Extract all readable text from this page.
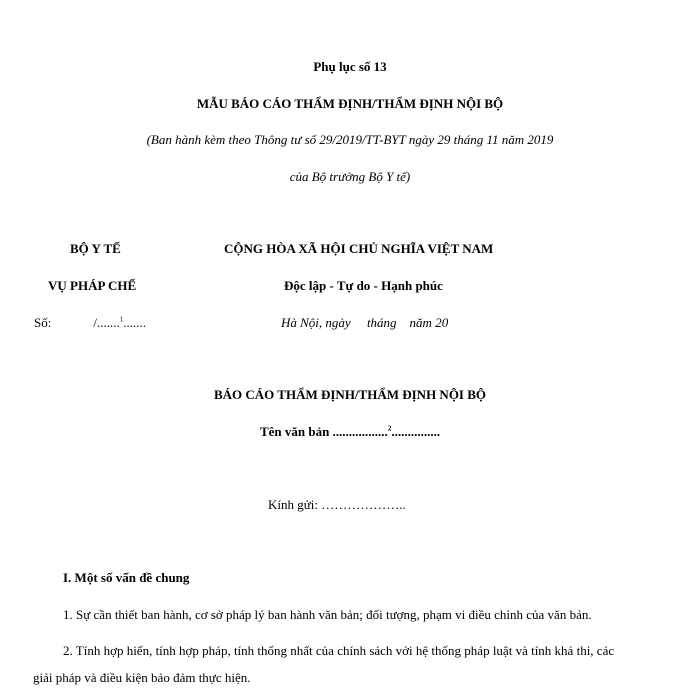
Phụ lục số 13
MẪU BÁO CÁO THẨM ĐỊNH/THẨM ĐỊNH NỘI BỘ
(Ban hành kèm theo Thông tư số 29/2019/TT-BYT ngày 29 tháng 11 năm 2019
của Bộ trưởng Bộ Y tế)
BỘ Y TẾ
VỤ PHÁP CHẾ
Số:	/.......$^1$.......
CỘNG HÒA XÃ HỘI CHỦ NGHĨA VIỆT NAM
Độc lập - Tự do - Hạnh phúc
Hà Nội, ngày     tháng    năm 20
BÁO CÁO THẨM ĐỊNH/THẨM ĐỊNH NỘI BỘ
Tên văn bản .................$^2$...............
Kính gửi: ………………..
I. Một số vấn đề chung
1. Sự cần thiết ban hành, cơ sở pháp lý ban hành văn bản; đối tượng, phạm vi điều chỉnh của văn bản.
2. Tính hợp hiến, tính hợp pháp, tính thống nhất của chính sách với hệ thống pháp luật và tính khả thi, các
giải pháp và điều kiện bảo đảm thực hiện.
